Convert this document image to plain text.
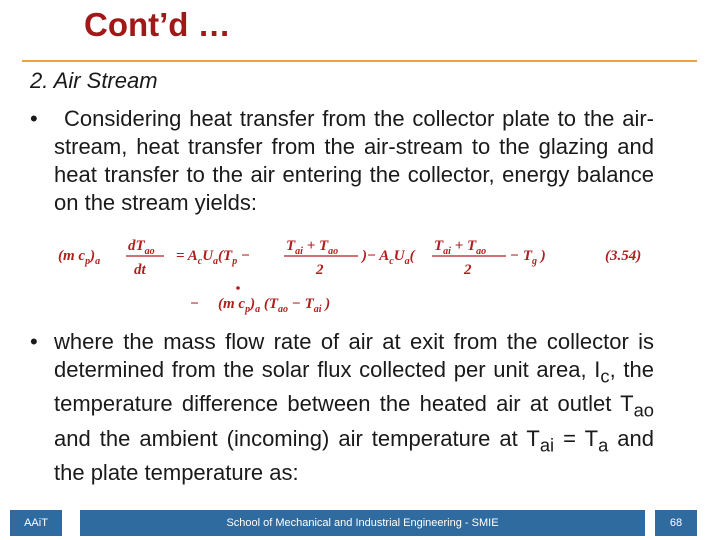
Cont’d …
2. Air Stream
•	Considering heat transfer from the collector plate to the air-stream, heat transfer from the air-stream to the glazing and heat transfer to the air entering the collector, energy balance on the stream yields:
(m $c_p)_a$
$dT_{ao}$
dt
= $A_cU_a(T_p$ −
$T_{ai} + T_{ao}$
2
)− $A_cU_a$(
$T_{ai} + T_{ao}$
2
− $T_g$ )	(3.54)
− (m $c_p)_a$ ($T_{ao} - T_{ai}$ )
• where the mass flow rate of air at exit from the collector is determined from the solar flux collected per unit area, $I_c$, the temperature difference between the heated air at outlet $T_{ao}$ and the ambient (incoming) air temperature at $T_{ai} = T_a$ and the plate temperature as:
AAiT	School of Mechanical and Industrial Engineering - SMIE	68
